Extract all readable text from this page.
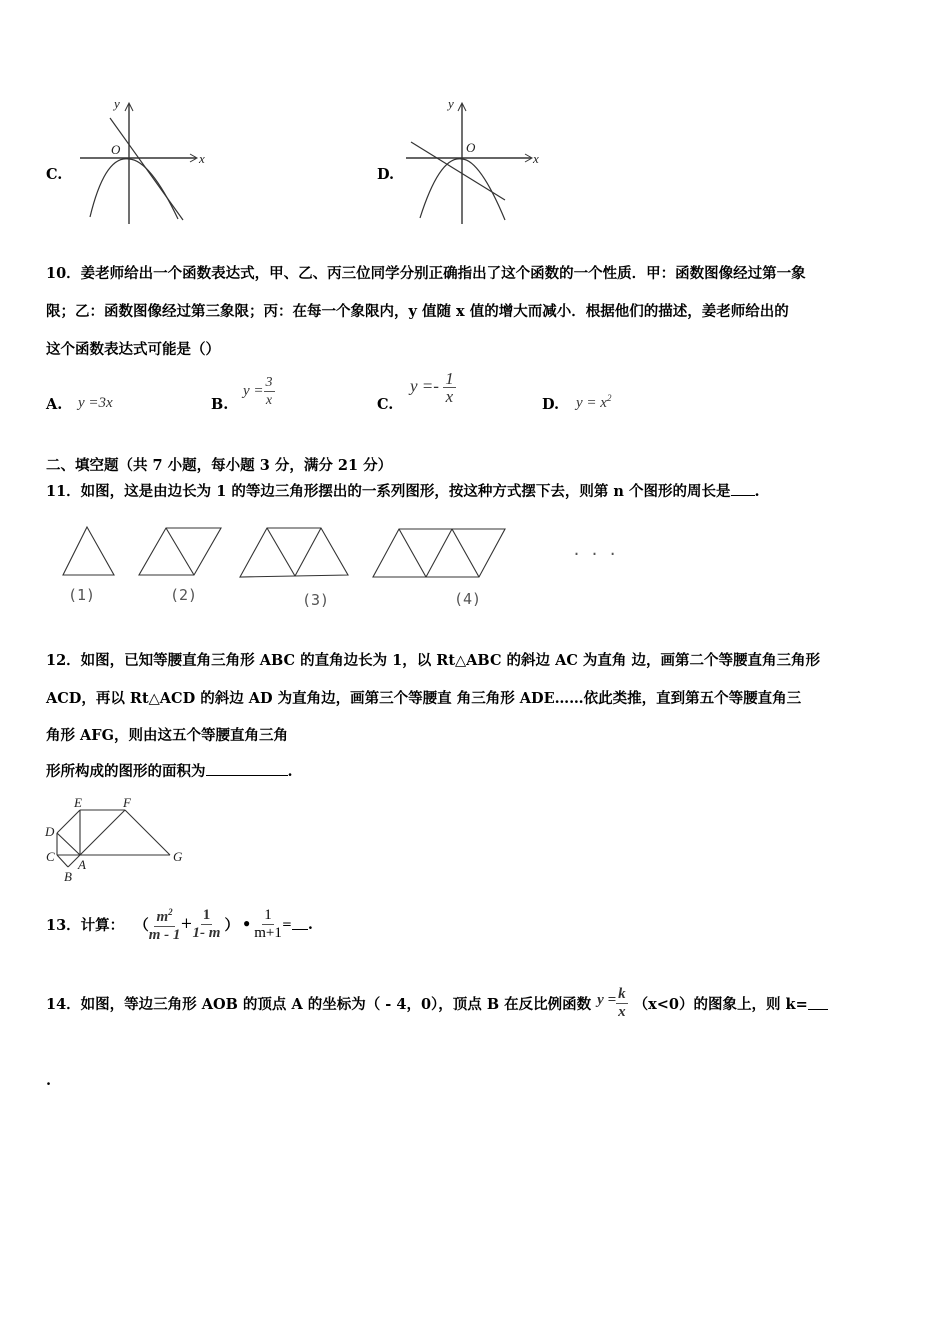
C.
y
x
O
D.
y
x
O
10．姜老师给出一个函数表达式，甲、乙、丙三位同学分别正确指出了这个函数的一个性质．甲：函数图像经过第一象
限；乙：函数图像经过第三象限；丙：在每一个象限内，y 值随 x 值的增大而减小．根据他们的描述，姜老师给出的
这个函数表达式可能是（）
A. y =3x	B.
$y = \frac{3}{x}$	C.
$y =- \frac{1}{x}$	D. $y = x^2$
二、填空题（共 7 小题，每小题 3 分，满分 21 分）
11．如图，这是由边长为 1 的等边三角形摆出的一系列图形，按这种方式摆下去，则第 n 个图形的周长是 .
(1)	(2)	(3)	(4)
· · ·
12．如图，已知等腰直角三角形 ABC 的直角边长为 1，以 Rt△ABC 的斜边 AC 为直角 边，画第二个等腰直角三角形
ACD，再以 Rt△ACD 的斜边 AD 为直角边，画第三个等腰直 角三角形 ADE……依此类推，直到第五个等腰直角三
角形 AFG，则由这五个等腰直角三角
形所构成的图形的面积为	.
E	F
D
C
A
B
G
13．计算： （ $\frac{m^2}{m - 1} + \frac{1}{1- m}$ ） • $\frac{1}{m+1}$ = .
14．如图，等边三角形 AOB 的顶点 A 的坐标为（ - 4，0），顶点 B 在反比例函数 $y = \frac{k}{x} (x<0)$的图象上，则 k=
.
